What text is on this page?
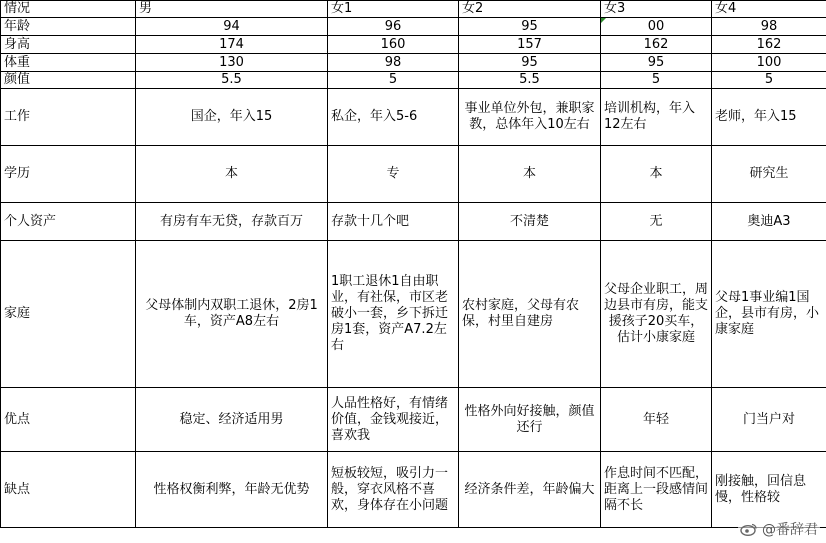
情况	男	女1	女2	女3	女4
年龄	94	96	95	00	98
身高	174	160	157	162	162
体重	130	98	95	95	100
颜值	5.5	5	5.5	5	5
工作	国企，年入15	私企，年入5-6	事业单位外包，兼职家教，总体年入10左右	培训机构，年入12左右	老师，年入15
学历	本	专	本	本	研究生
个人资产	有房有车无贷，存款百万	存款十几个吧	不清楚	无	奥迪A3
家庭	父母体制内双职工退休，2房1车，资产A8左右	1职工退休1自由职业，有社保，市区老破小一套，乡下拆迁房1套，资产A7.2左右	农村家庭，父母有农保，村里自建房	父母企业职工，周边县市有房，能支援孩子20买车，估计小康家庭	父母1事业编1国企，县市有房，小康家庭
优点	稳定、经济适用男	人品性格好，有情绪价值，金钱观接近，喜欢我	性格外向好接触，颜值还行	年轻	门当户对
缺点	性格权衡利弊，年龄无优势	短板较短，吸引力一般，穿衣风格不喜欢，身体存在小问题	经济条件差，年龄偏大	作息时间不匹配，距离上一段感情间隔不长	刚接触，回信息慢，性格较
@番辞君
